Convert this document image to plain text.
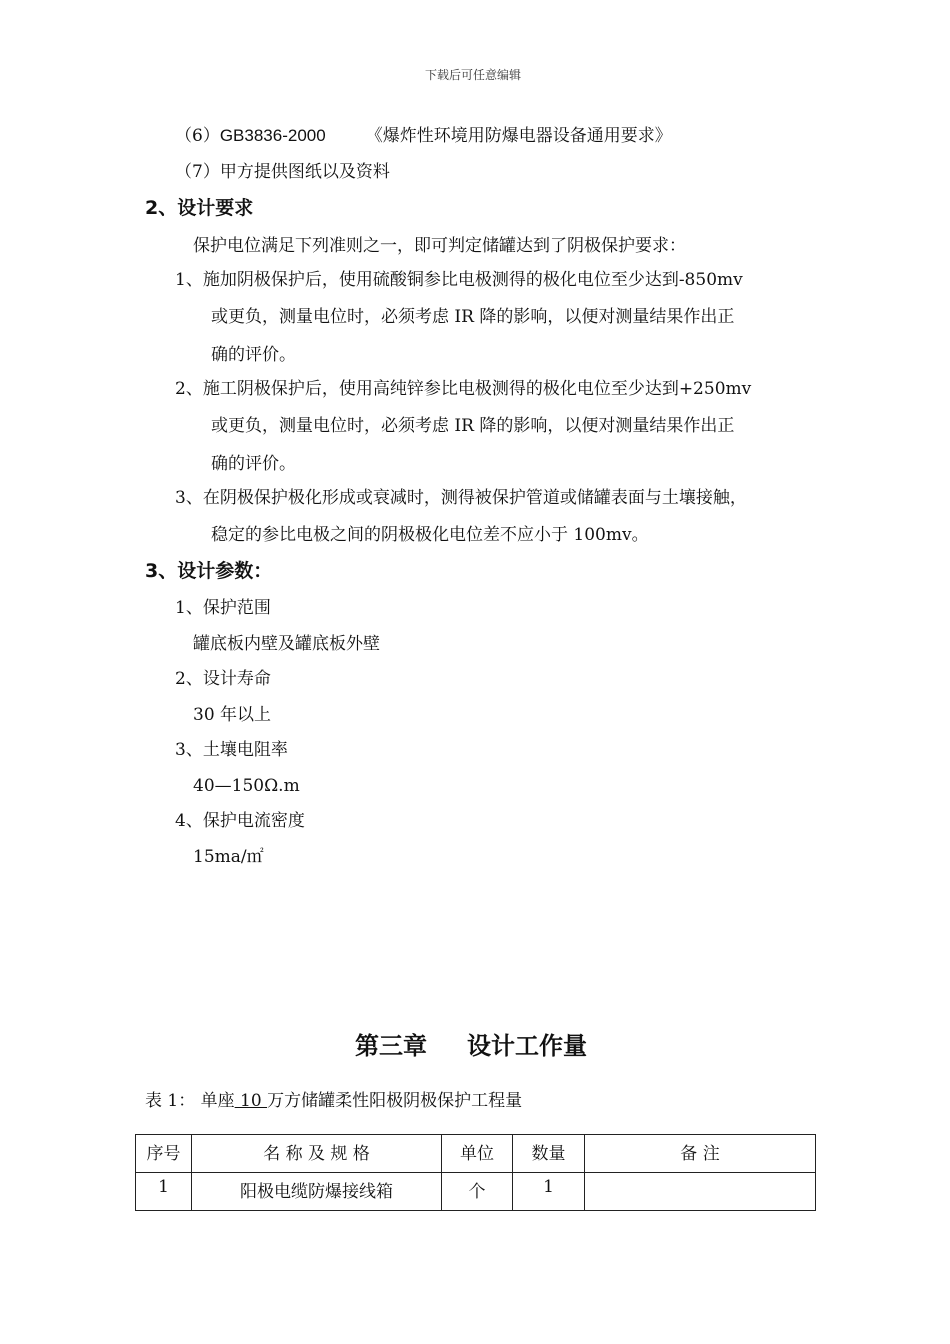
下载后可任意编辑
（6）GB3836-2000 《爆炸性环境用防爆电器设备通用要求》
（7）甲方提供图纸以及资料
2、设计要求
保护电位满足下列准则之一，即可判定储罐达到了阴极保护要求：
1、施加阴极保护后，使用硫酸铜参比电极测得的极化电位至少达到-850mv
或更负，测量电位时，必须考虑 IR 降的影响，以便对测量结果作出正
确的评价。
2、施工阴极保护后，使用高纯锌参比电极测得的极化电位至少达到+250mv
或更负，测量电位时，必须考虑 IR 降的影响，以便对测量结果作出正
确的评价。
3、在阴极保护极化形成或衰减时，测得被保护管道或储罐表面与土壤接触，
稳定的参比电极之间的阴极极化电位差不应小于 100mv。
3、设计参数：
1、保护范围
罐底板内壁及罐底板外壁
2、设计寿命
30 年以上
3、土壤电阻率
40—150Ω.m
4、保护电流密度
15ma/㎡
第三章 设计工作量
表 1： 单座 10 万方储罐柔性阳极阴极保护工程量
序号	名 称 及 规 格	单位	数量	备 注
1	阳极电缆防爆接线箱	个	1	
